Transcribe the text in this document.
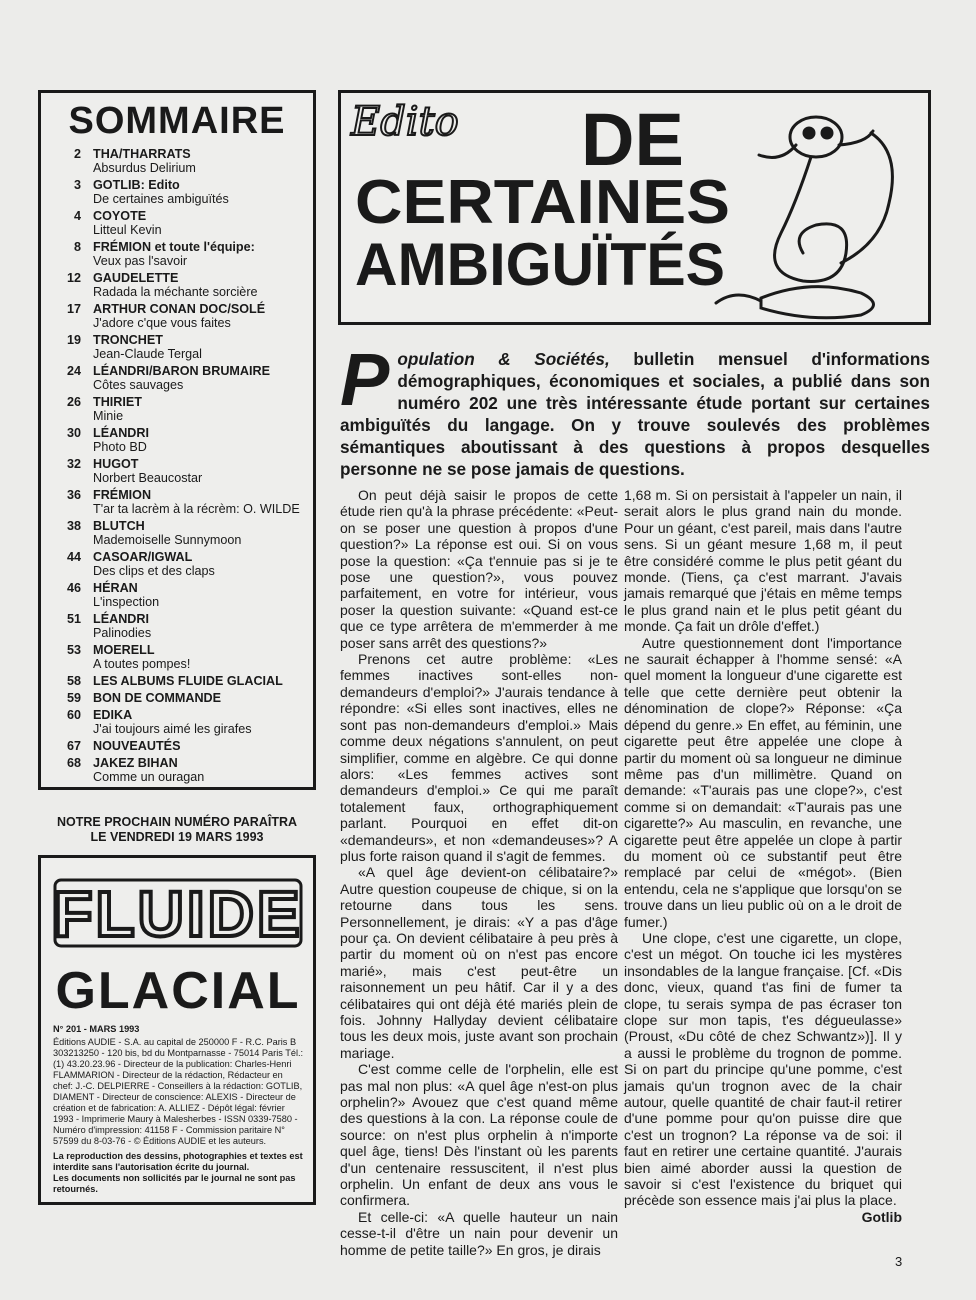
SOMMAIRE
2 THA/THARRATS
Absurdus Delirium
3 GOTLIB: Edito
De certaines ambiguïtés
4 COYOTE
Litteul Kevin
8 FRÉMION et toute l'équipe:
Veux pas l'savoir
12 GAUDELETTE
Radada la méchante sorcière
17 ARTHUR CONAN DOC/SOLÉ
J'adore c'que vous faites
19 TRONCHET
Jean-Claude Tergal
24 LÉANDRI/BARON BRUMAIRE
Côtes sauvages
26 THIRIET
Minie
30 LÉANDRI
Photo BD
32 HUGOT
Norbert Beaucostar
36 FRÉMION
T'ar ta lacrèm à la récrèm: O. WILDE
38 BLUTCH
Mademoiselle Sunnymoon
44 CASOAR/IGWAL
Des clips et des claps
46 HÉRAN
L'inspection
51 LÉANDRI
Palinodies
53 MOERELL
A toutes pompes!
58 LES ALBUMS FLUIDE GLACIAL
59 BON DE COMMANDE
60 EDIKA
J'ai toujours aimé les girafes
67 NOUVEAUTÉS
68 JAKEZ BIHAN
Comme un ouragan
NOTRE PROCHAIN NUMÉRO PARAÎTRA
LE VENDREDI 19 MARS 1993
FLUIDE
GLACIAL
N° 201 - MARS 1993
Éditions AUDIE - S.A. au capital de 250000 F - R.C. Paris B 303213250 - 120 bis, bd du Montparnasse - 75014 Paris Tél.: (1) 43.20.23.96 - Directeur de la publication: Charles-Henri FLAMMARION - Directeur de la rédaction, Rédacteur en chef: J.-C. DELPIERRE - Conseillers à la rédaction: GOTLIB, DIAMENT - Directeur de conscience: ALEXIS - Directeur de création et de fabrication: A. ALLIEZ - Dépôt légal: février 1993 - Imprimerie Maury à Malesherbes - ISSN 0339-7580 - Numéro d'impression: 41158 F - Commission paritaire N° 57599 du 8-03-76 - © Éditions AUDIE et les auteurs.
La reproduction des dessins, photographies et textes est interdite sans l'autorisation écrite du journal.
Les documents non sollicités par le journal ne sont pas retournés.
Edito DE
CERTAINES
AMBIGUÏTÉS
Population & Sociétés, bulletin mensuel d'informations démographiques, économiques et sociales, a publié dans son numéro 202 une très intéressante étude portant sur certaines ambiguïtés du langage. On y trouve soulevés des problèmes sémantiques aboutissant à des questions à propos desquelles personne ne se pose jamais de questions.

On peut déjà saisir le propos de cette étude rien qu'à la phrase précédente: «Peut-on se poser une question à propos d'une question?» La réponse est oui. Si on vous pose la question: «Ça t'ennuie pas si je te pose une question?», vous pouvez parfaitement, en votre for intérieur, vous poser la question suivante: «Quand est-ce que ce type arrêtera de m'emmerder à me poser sans arrêt des questions?»

Prenons cet autre problème: «Les femmes inactives sont-elles non-demandeurs d'emploi?» J'aurais tendance à répondre: «Si elles sont inactives, elles ne sont pas non-demandeurs d'emploi.» Mais comme deux négations s'annulent, on peut simplifier, comme en algèbre. Ce qui donne alors: «Les femmes actives sont demandeurs d'emploi.» Ce qui me paraît totalement faux, orthographiquement parlant. Pourquoi en effet dit-on «demandeurs», et non «demandeuses»? A plus forte raison quand il s'agit de femmes.

«A quel âge devient-on célibataire?» Autre question coupeuse de chique, si on la retourne dans tous les sens. Personnellement, je dirais: «Y a pas d'âge pour ça. On devient célibataire à peu près à partir du moment où on n'est pas encore marié», mais c'est peut-être un raisonnement un peu hâtif. Car il y a des célibataires qui ont déjà été mariés plein de fois. Johnny Hallyday devient célibataire tous les deux mois, juste avant son prochain mariage.

C'est comme celle de l'orphelin, elle est pas mal non plus: «A quel âge n'est-on plus orphelin?» Avouez que c'est quand même des questions à la con. La réponse coule de source: on n'est plus orphelin à n'importe quel âge, tiens! Dès l'instant où les parents d'un centenaire ressuscitent, il n'est plus orphelin. Un enfant de deux ans vous le confirmera.

Et celle-ci: «A quelle hauteur un nain cesse-t-il d'être un nain pour devenir un homme de petite taille?» En gros, je dirais

1,68 m. Si on persistait à l'appeler un nain, il serait alors le plus grand nain du monde. Pour un géant, c'est pareil, mais dans l'autre sens. Si un géant mesure 1,68 m, il peut être considéré comme le plus petit géant du monde. (Tiens, ça c'est marrant. J'avais jamais remarqué que j'étais en même temps le plus grand nain et le plus petit géant du monde. Ça fait un drôle d'effet.)

Autre questionnement dont l'importance ne saurait échapper à l'homme sensé: «A quel moment la longueur d'une cigarette est telle que cette dernière peut obtenir la dénomination de clope?» Réponse: «Ça dépend du genre.» En effet, au féminin, une cigarette peut être appelée une clope à partir du moment où sa longueur ne diminue même pas d'un millimètre. Quand on demande: «T'aurais pas une clope?», c'est comme si on demandait: «T'aurais pas une cigarette?» Au masculin, en revanche, une cigarette peut être appelée un clope à partir du moment où ce substantif peut être remplacé par celui de «mégot». (Bien entendu, cela ne s'applique que lorsqu'on se trouve dans un lieu public où on a le droit de fumer.)

Une clope, c'est une cigarette, un clope, c'est un mégot. On touche ici les mystères insondables de la langue française. [Cf. «Dis donc, vieux, quand t'as fini de fumer ta clope, tu serais sympa de pas écraser ton clope sur mon tapis, t'es dégueulasse» (Proust, «Du côté de chez Schwantz»)]. Il y a aussi le problème du trognon de pomme. Si on part du principe qu'une pomme, c'est jamais qu'un trognon avec de la chair autour, quelle quantité de chair faut-il retirer d'une pomme pour qu'on puisse dire que c'est un trognon? La réponse va de soi: il faut en retirer une certaine quantité. J'aurais bien aimé aborder aussi la question de savoir si c'est l'existence du briquet qui précède son essence mais j'ai plus la place.

Gotlib

3
